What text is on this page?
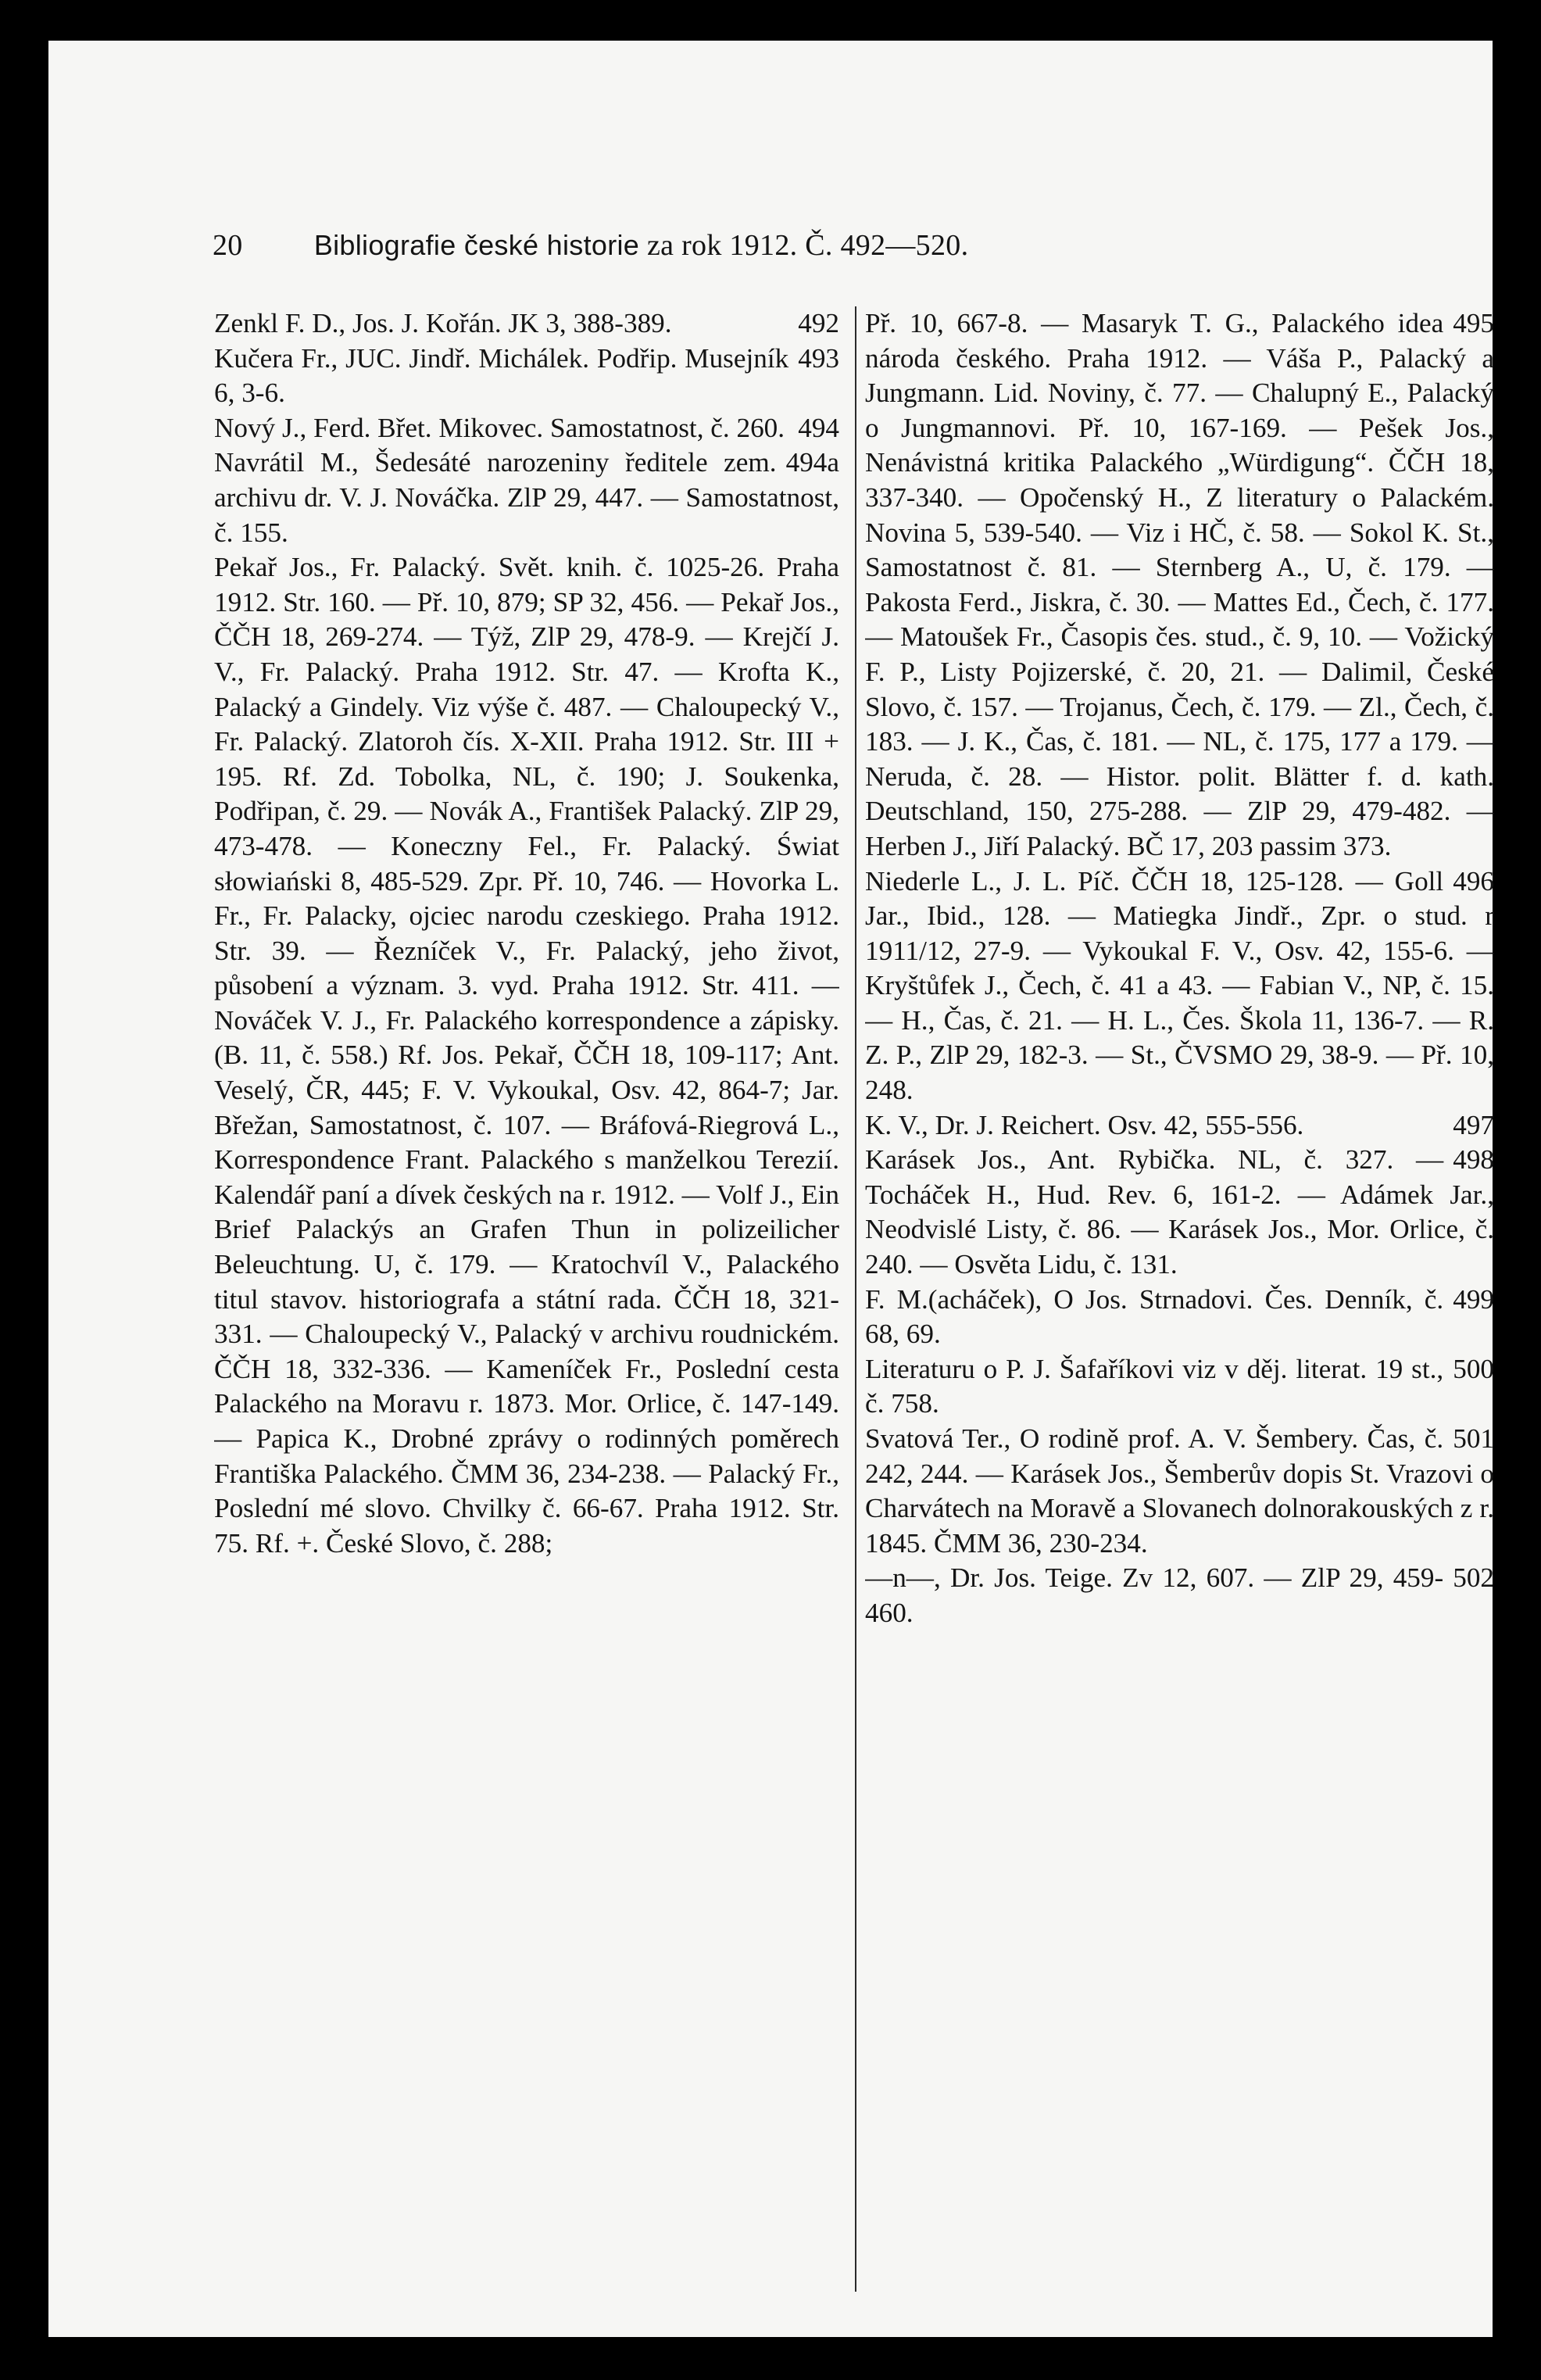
20	Bibliografie české historie za rok 1912. Č. 492—520.

492
Zenkl F. D., Jos. J. Kořán. JK 3, 388-389.

493
Kučera Fr., JUC. Jindř. Michálek. Podřip. Musejník 6, 3-6.

494
Nový J., Ferd. Břet. Mikovec. Samostatnost, č. 260.

494a
Navrátil M., Šedesáté narozeniny ředitele zem. archivu dr. V. J. Nováčka. ZlP 29, 447. — Samostatnost, č. 155.

Pekař Jos., Fr. Palacký. Svět. knih. č. 1025-26. Praha 1912. Str. 160. — Př. 10, 879; SP 32, 456. — Pekař Jos., ČČH 18, 269-274. — Týž, ZlP 29, 478-9. — Krejčí J. V., Fr. Palacký. Praha 1912. Str. 47. — Krofta K., Palacký a Gindely. Viz výše č. 487. — Chaloupecký V., Fr. Palacký. Zlatoroh čís. X-XII. Praha 1912. Str. III + 195. Rf. Zd. Tobolka, NL, č. 190; J. Soukenka, Podřipan, č. 29. — Novák A., František Palacký. ZlP 29, 473-478. — Koneczny Fel., Fr. Palacký. Świat słowiański 8, 485-529. Zpr. Př. 10, 746. — Hovorka L. Fr., Fr. Palacky, ojciec narodu czeskiego. Praha 1912. Str. 39. — Řezníček V., Fr. Palacký, jeho život, působení a význam. 3. vyd. Praha 1912. Str. 411. — Nováček V. J., Fr. Palackého korrespondence a zápisky. (B. 11, č. 558.) Rf. Jos. Pekař, ČČH 18, 109-117; Ant. Veselý, ČR, 445; F. V. Vykoukal, Osv. 42, 864-7; Jar. Břežan, Samostatnost, č. 107. — Bráfová-Riegrová L., Korrespondence Frant. Palackého s manželkou Terezií. Kalendář paní a dívek českých na r. 1912. — Volf J., Ein Brief Palackýs an Grafen Thun in polizeilicher Beleuchtung. U, č. 179. — Kratochvíl V., Palackého titul stavov. historiografa a státní rada. ČČH 18, 321-331. — Chaloupecký V., Palacký v archivu roudnickém. ČČH 18, 332-336. — Kameníček Fr., Poslední cesta Palackého na Moravu r. 1873. Mor. Orlice, č. 147-149. — Papica K., Drobné zprávy o rodinných poměrech Františka Palackého. ČMM 36, 234-238. — Palacký Fr., Poslední mé slovo. Chvilky č. 66-67. Praha 1912. Str. 75. Rf. +. České Slovo, č. 288;

495
Př. 10, 667-8. — Masaryk T. G., Palackého idea národa českého. Praha 1912. — Váša P., Palacký a Jungmann. Lid. Noviny, č. 77. — Chalupný E., Palacký o Jungmannovi. Př. 10, 167-169. — Pešek Jos., Nenávistná kritika Palackého „Würdigung“. ČČH 18, 337-340. — Opočenský H., Z literatury o Palackém. Novina 5, 539-540. — Viz i HČ, č. 58. — Sokol K. St., Samostatnost č. 81. — Sternberg A., U, č. 179. — Pakosta Ferd., Jiskra, č. 30. — Mattes Ed., Čech, č. 177. — Matoušek Fr., Časopis čes. stud., č. 9, 10. — Vožický F. P., Listy Pojizerské, č. 20, 21. — Dalimil, České Slovo, č. 157. — Trojanus, Čech, č. 179. — Zl., Čech, č. 183. — J. K., Čas, č. 181. — NL, č. 175, 177 a 179. — Neruda, č. 28. — Histor. polit. Blätter f. d. kath. Deutschland, 150, 275-288. — ZlP 29, 479-482. — Herben J., Jiří Palacký. BČ 17, 203 passim 373.

496
Niederle L., J. L. Píč. ČČH 18, 125-128. — Goll Jar., Ibid., 128. — Matiegka Jindř., Zpr. o stud. r 1911/12, 27-9. — Vykoukal F. V., Osv. 42, 155-6. — Kryštůfek J., Čech, č. 41 a 43. — Fabian V., NP, č. 15. — H., Čas, č. 21. — H. L., Čes. Škola 11, 136-7. — R. Z. P., ZlP 29, 182-3. — St., ČVSMO 29, 38-9. — Př. 10, 248.

497
K. V., Dr. J. Reichert. Osv. 42, 555-556.

498
Karásek Jos., Ant. Rybička. NL, č. 327. — Tocháček H., Hud. Rev. 6, 161-2. — Adámek Jar., Neodvislé Listy, č. 86. — Karásek Jos., Mor. Orlice, č. 240. — Osvěta Lidu, č. 131.

499
F. M.(acháček), O Jos. Strnadovi. Čes. Denník, č. 68, 69.

500
Literaturu o P. J. Šafaříkovi viz v děj. literat. 19 st., č. 758.

501
Svatová Ter., O rodině prof. A. V. Šembery. Čas, č. 242, 244. — Karásek Jos., Šemberův dopis St. Vrazovi o Charvátech na Moravě a Slovanech dolnorakouských z r. 1845. ČMM 36, 230-234.

502
—n—, Dr. Jos. Teige. Zv 12, 607. — ZlP 29, 459-460.
